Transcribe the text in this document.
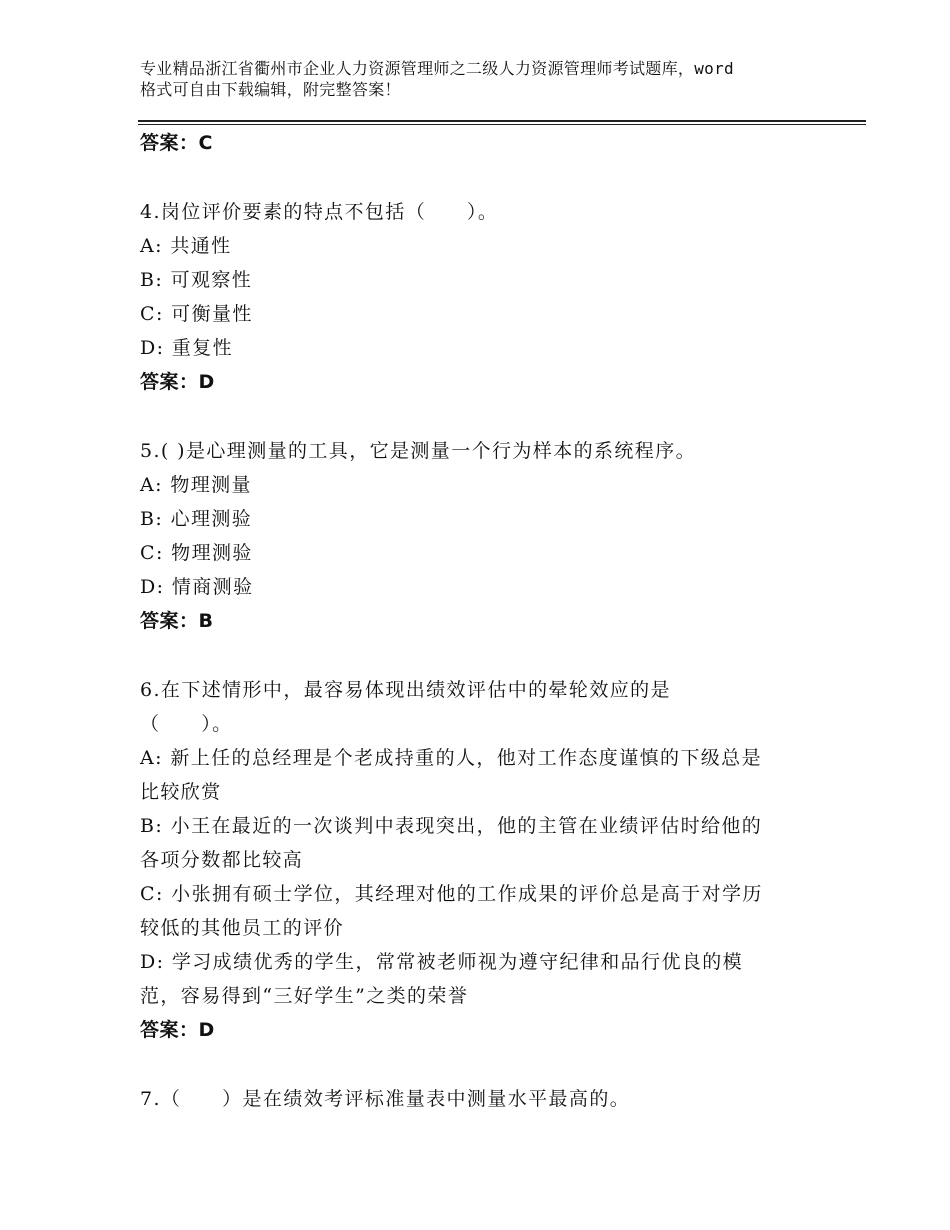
专业精品浙江省衢州市企业人力资源管理师之二级人力资源管理师考试题库，word
格式可自由下载编辑，附完整答案！
答案：C
4.岗位评价要素的特点不包括（　　）。
A: 共通性
B: 可观察性
C: 可衡量性
D: 重复性
答案：D
5.( )是心理测量的工具，它是测量一个行为样本的系统程序。
A: 物理测量
B: 心理测验
C: 物理测验
D: 情商测验
答案：B
6.在下述情形中，最容易体现出绩效评估中的晕轮效应的是
（　　）。
A: 新上任的总经理是个老成持重的人，他对工作态度谨慎的下级总是
比较欣赏
B: 小王在最近的一次谈判中表现突出，他的主管在业绩评估时给他的
各项分数都比较高
C: 小张拥有硕士学位，其经理对他的工作成果的评价总是高于对学历
较低的其他员工的评价
D: 学习成绩优秀的学生，常常被老师视为遵守纪律和品行优良的模
范，容易得到“三好学生”之类的荣誉
答案：D
7.（　　）是在绩效考评标准量表中测量水平最高的。
